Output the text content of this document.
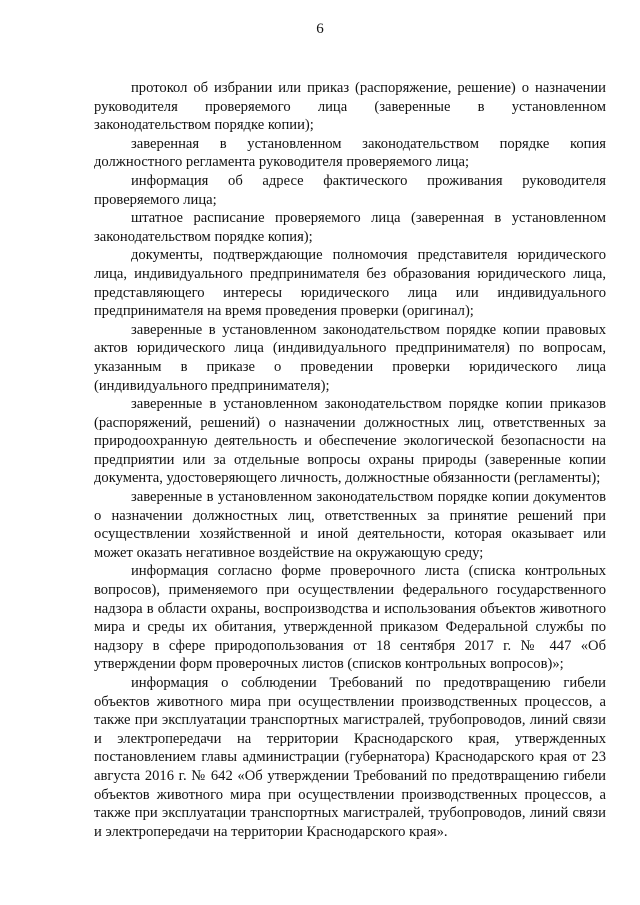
6

протокол об избрании или приказ (распоряжение, решение) о назначении руководителя проверяемого лица (заверенные в установленном законодательством порядке копии);

заверенная в установленном законодательством порядке копия должностного регламента руководителя проверяемого лица;

информация об адресе фактического проживания руководителя проверяемого лица;

штатное расписание проверяемого лица (заверенная в установленном законодательством порядке копия);

документы, подтверждающие полномочия представителя юридического лица, индивидуального предпринимателя без образования юридического лица, представляющего интересы юридического лица или индивидуального предпринимателя на время проведения проверки (оригинал);

заверенные в установленном законодательством порядке копии правовых актов юридического лица (индивидуального предпринимателя) по вопросам, указанным в приказе о проведении проверки юридического лица (индивидуального предпринимателя);

заверенные в установленном законодательством порядке копии приказов (распоряжений, решений) о назначении должностных лиц, ответственных за природоохранную деятельность и обеспечение экологической безопасности на предприятии или за отдельные вопросы охраны природы (заверенные копии документа, удостоверяющего личность, должностные обязанности (регламенты);

заверенные в установленном законодательством порядке копии документов о назначении должностных лиц, ответственных за принятие решений при осуществлении хозяйственной и иной деятельности, которая оказывает или может оказать негативное воздействие на окружающую среду;

информация согласно форме проверочного листа (списка контрольных вопросов), применяемого при осуществлении федерального государственного надзора в области охраны, воспроизводства и использования объектов животного мира и среды их обитания, утвержденной приказом Федеральной службы по надзору в сфере природопользования от 18 сентября 2017 г. № 447 «Об утверждении форм проверочных листов (списков контрольных вопросов)»;

информация о соблюдении Требований по предотвращению гибели объектов животного мира при осуществлении производственных процессов, а также при эксплуатации транспортных магистралей, трубопроводов, линий связи и электропередачи на территории Краснодарского края, утвержденных постановлением главы администрации (губернатора) Краснодарского края от 23 августа 2016 г. № 642 «Об утверждении Требований по предотвращению гибели объектов животного мира при осуществлении производственных процессов, а также при эксплуатации транспортных магистралей, трубопроводов, линий связи и электропередачи на территории Краснодарского края».
